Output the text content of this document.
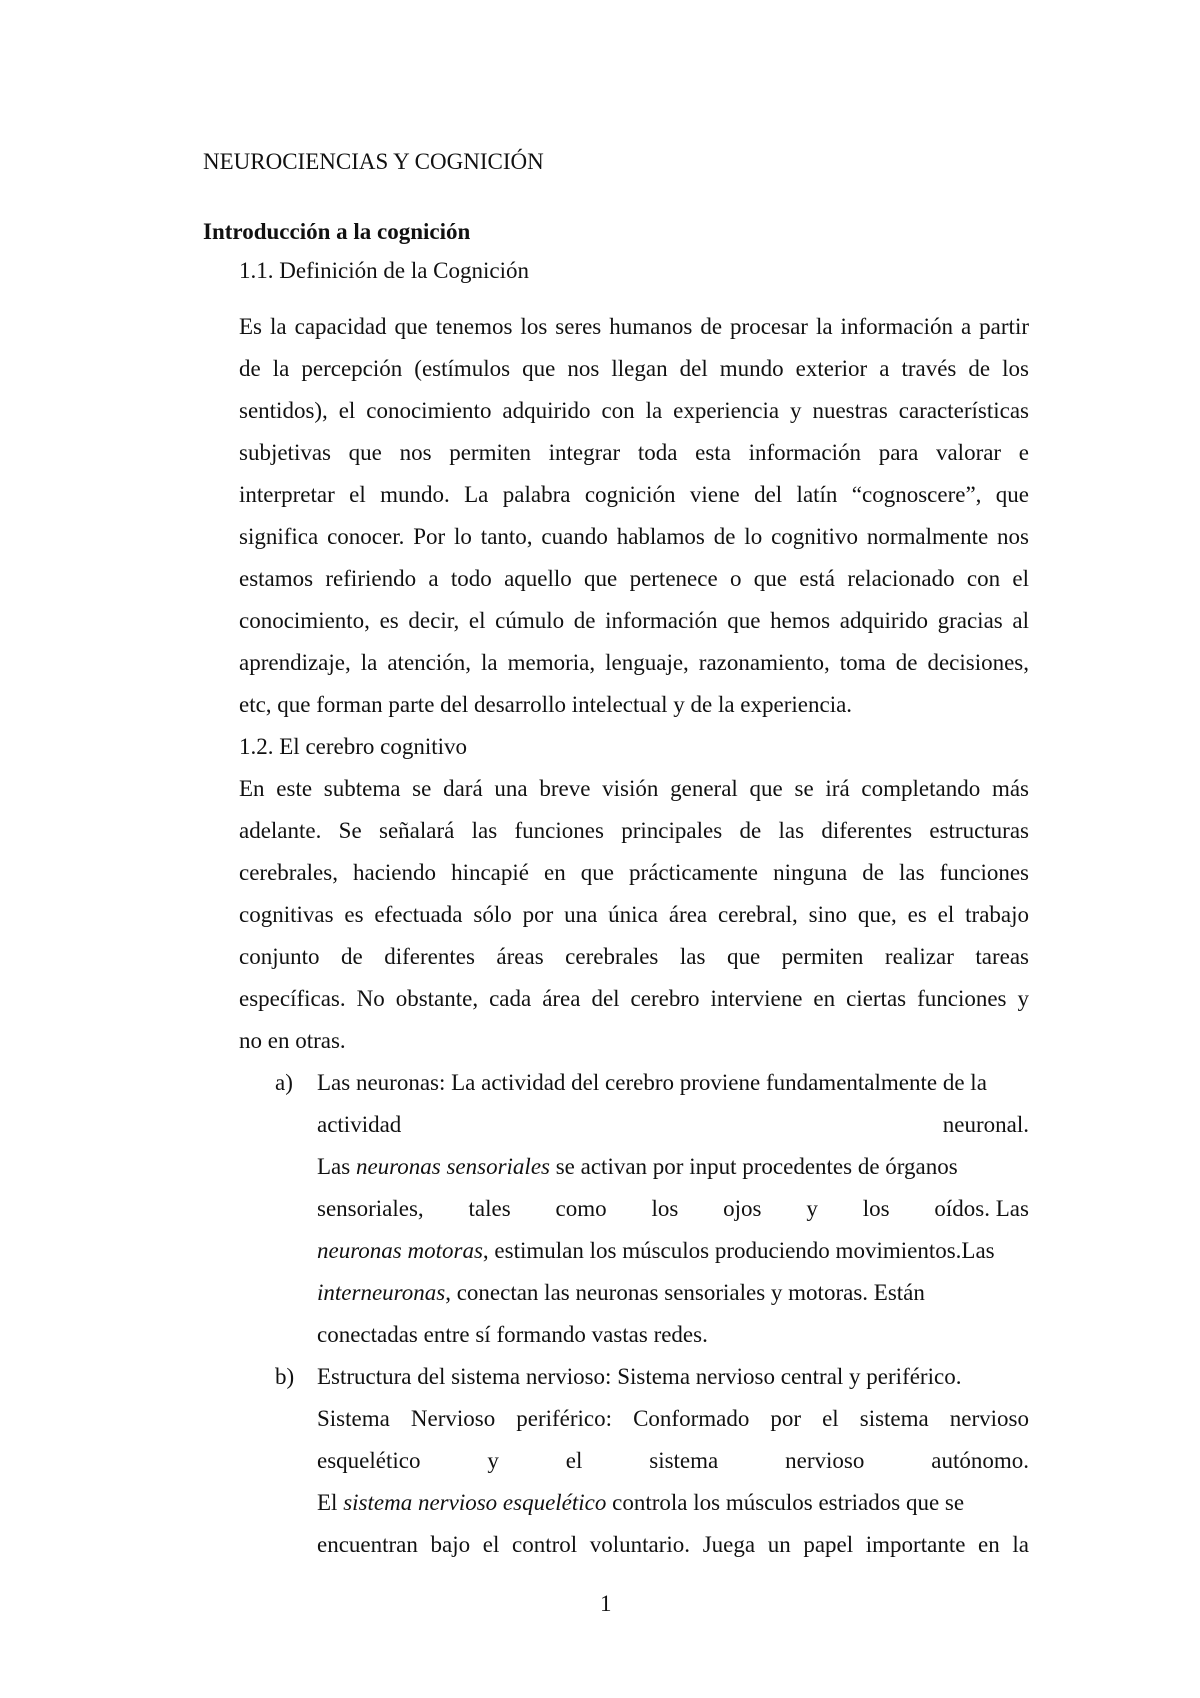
NEUROCIENCIAS Y COGNICIÓN
Introducción a la cognición
1.1. Definición de la Cognición
Es la capacidad que tenemos los seres humanos de procesar la información a partir
de la percepción (estímulos que nos llegan del mundo exterior a través de los
sentidos), el conocimiento adquirido con la experiencia y nuestras características
subjetivas que nos permiten integrar toda esta información para valorar e
interpretar el mundo. La palabra cognición viene del latín “cognoscere”, que
significa conocer. Por lo tanto, cuando hablamos de lo cognitivo normalmente nos
estamos refiriendo a todo aquello que pertenece o que está relacionado con el
conocimiento, es decir, el cúmulo de información que hemos adquirido gracias al
aprendizaje, la atención, la memoria, lenguaje, razonamiento, toma de decisiones,
etc, que forman parte del desarrollo intelectual y de la experiencia.
1.2. El cerebro cognitivo
En este subtema se dará una breve visión general que se irá completando más
adelante. Se señalará las funciones principales de las diferentes estructuras
cerebrales, haciendo hincapié en que prácticamente ninguna de las funciones
cognitivas es efectuada sólo por una única área cerebral, sino que, es el trabajo
conjunto de diferentes áreas cerebrales las que permiten realizar tareas
específicas. No obstante, cada área del cerebro interviene en ciertas funciones y
no en otras.
a) Las neuronas: La actividad del cerebro proviene fundamentalmente de la
actividad	neuronal.
Las neuronas sensoriales se activan por input procedentes de órganos
sensoriales, tales como los ojos y los oídos. Las
neuronas motoras, estimulan los músculos produciendo movimientos.Las
interneuronas, conectan las neuronas sensoriales y motoras. Están
conectadas entre sí formando vastas redes.
b) Estructura del sistema nervioso: Sistema nervioso central y periférico.
Sistema Nervioso periférico: Conformado por el sistema nervioso
esquelético	y	el	sistema	nervioso	autónomo.
El sistema nervioso esquelético controla los músculos estriados que se
encuentran bajo el control voluntario. Juega un papel importante en la
1
